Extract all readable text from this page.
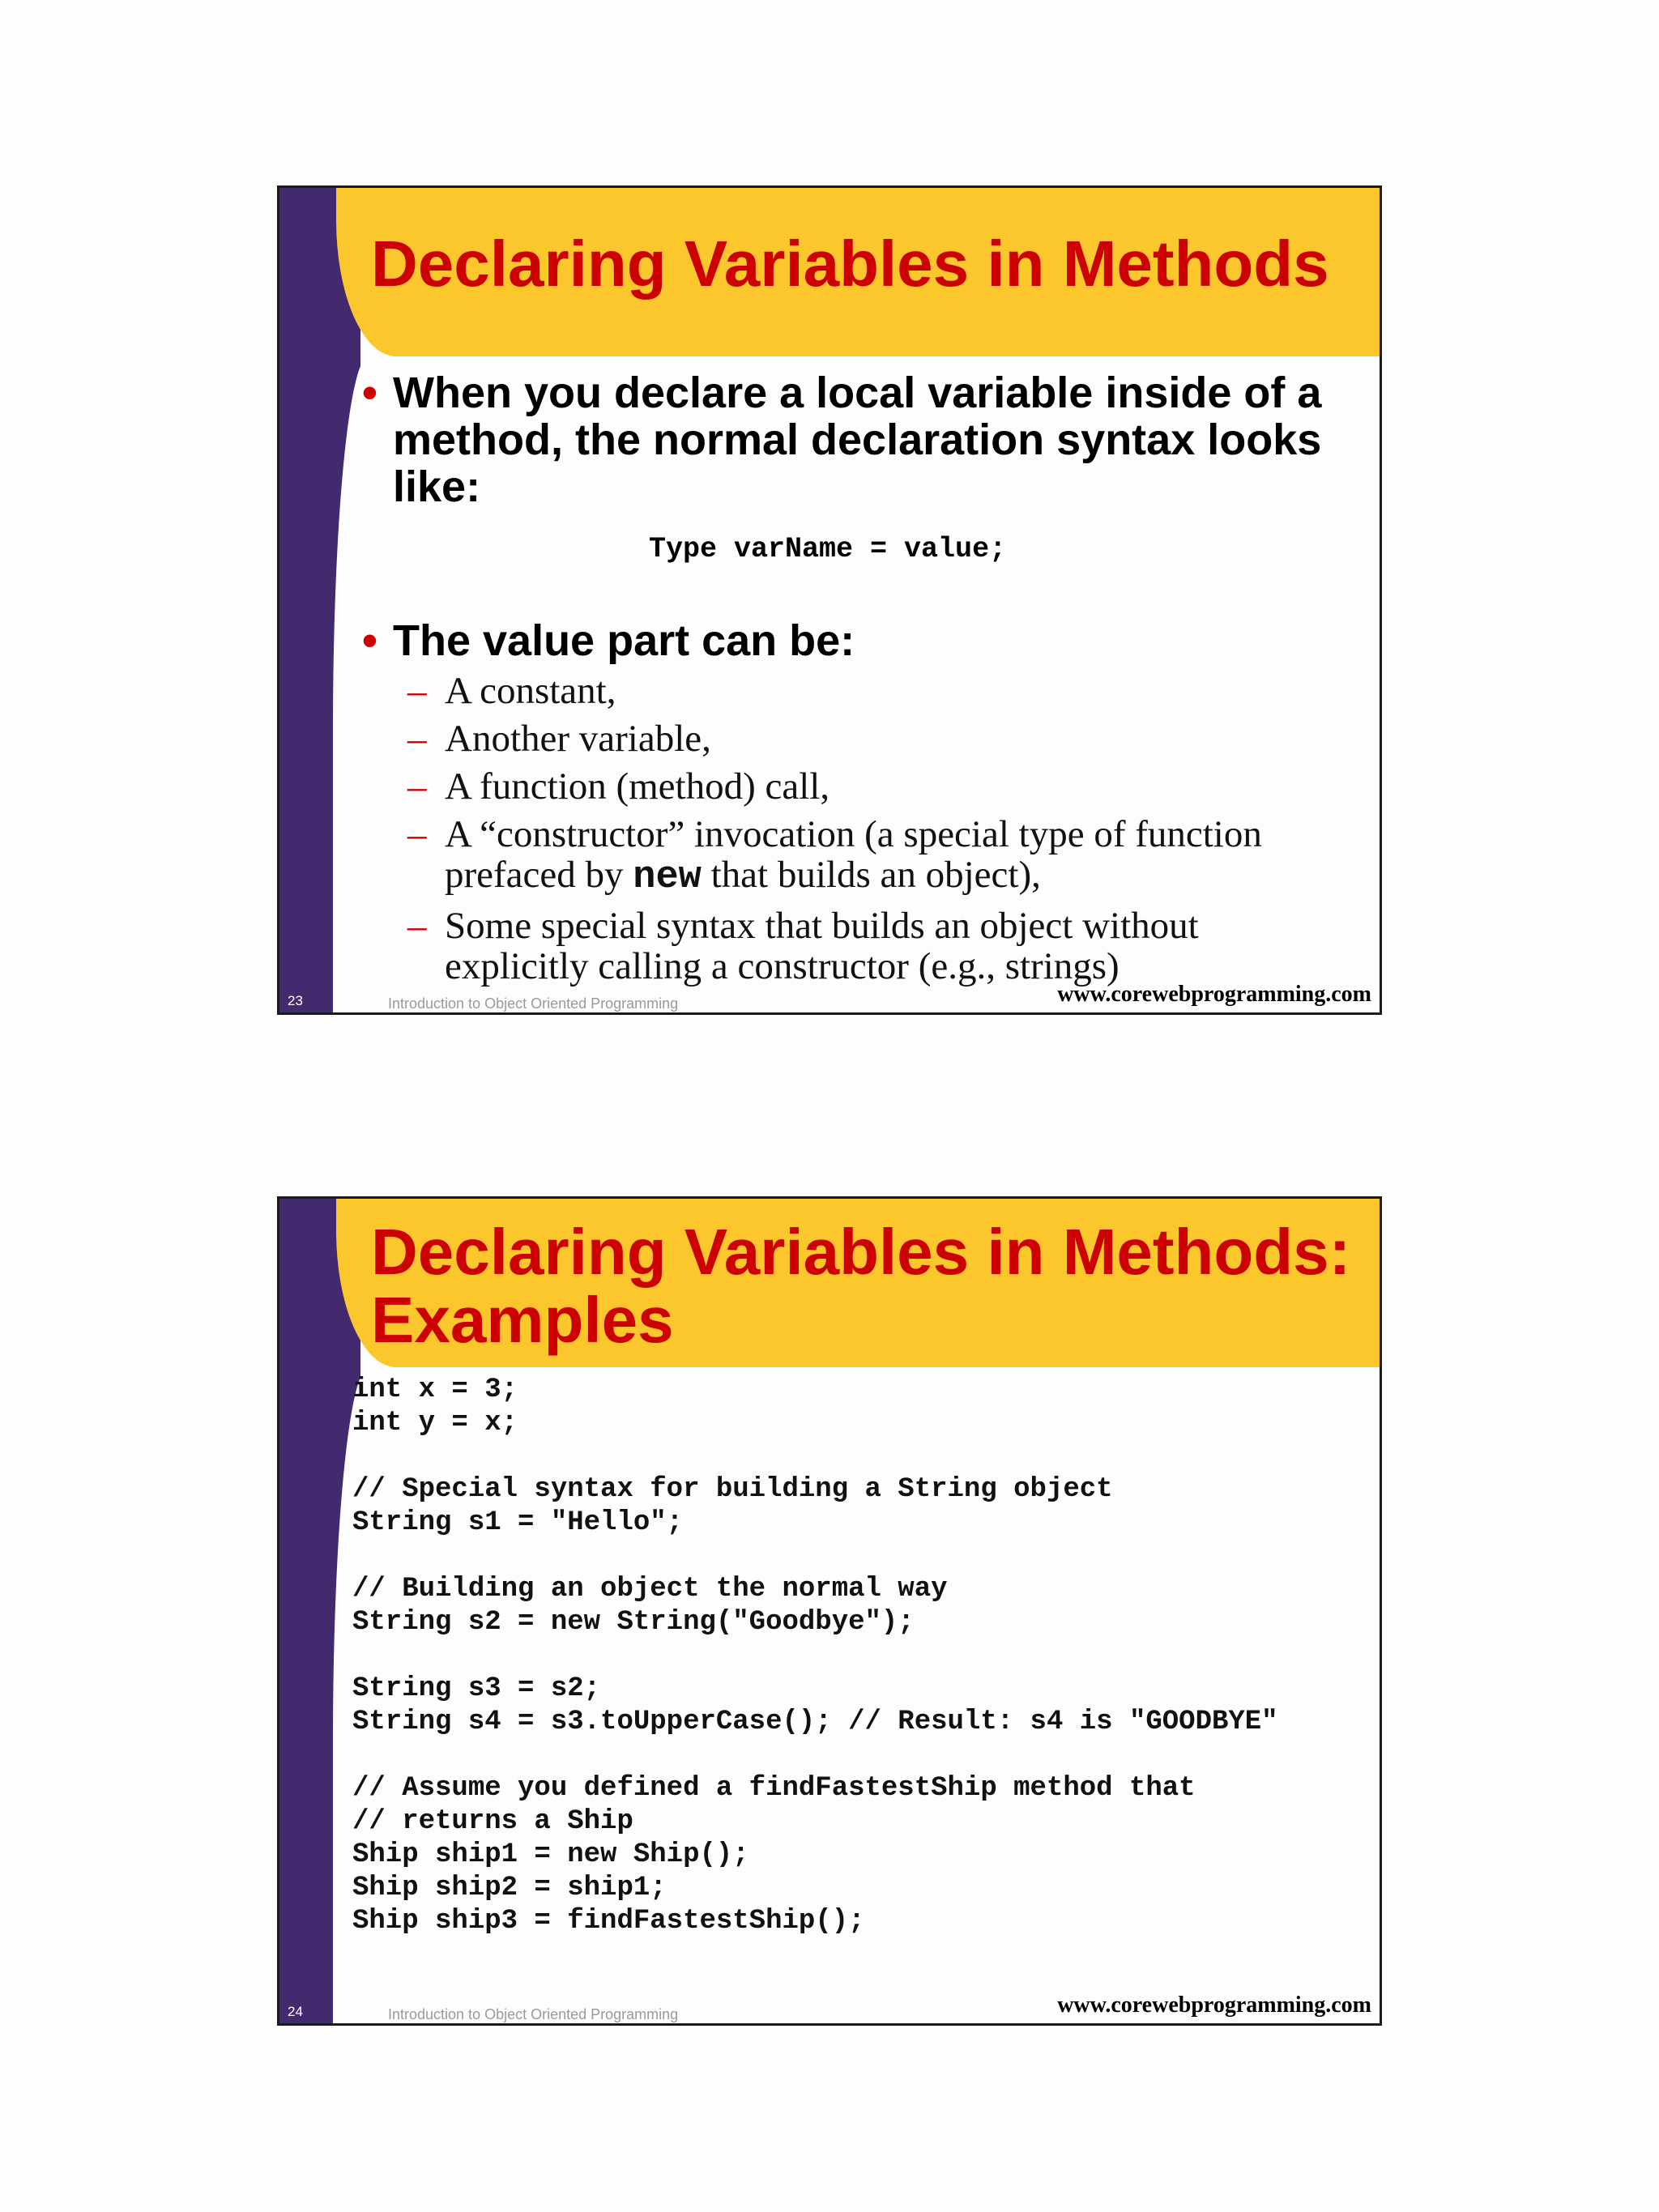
Declaring Variables in Methods
• When you declare a local variable inside of a method, the normal declaration syntax looks like:
Type varName = value;
• The value part can be:
– A constant,
– Another variable,
– A function (method) call,
– A “constructor” invocation (a special type of function prefaced by new that builds an object),
– Some special syntax that builds an object without explicitly calling a constructor (e.g., strings)
23	Introduction to Object Oriented Programming	www.corewebprogramming.com
Declaring Variables in Methods: Examples
int x = 3;
int y = x;

// Special syntax for building a String object
String s1 = "Hello";

// Building an object the normal way
String s2 = new String("Goodbye");

String s3 = s2;
String s4 = s3.toUpperCase(); // Result: s4 is "GOODBYE"

// Assume you defined a findFastestShip method that
// returns a Ship
Ship ship1 = new Ship();
Ship ship2 = ship1;
Ship ship3 = findFastestShip();
24	Introduction to Object Oriented Programming	www.corewebprogramming.com
